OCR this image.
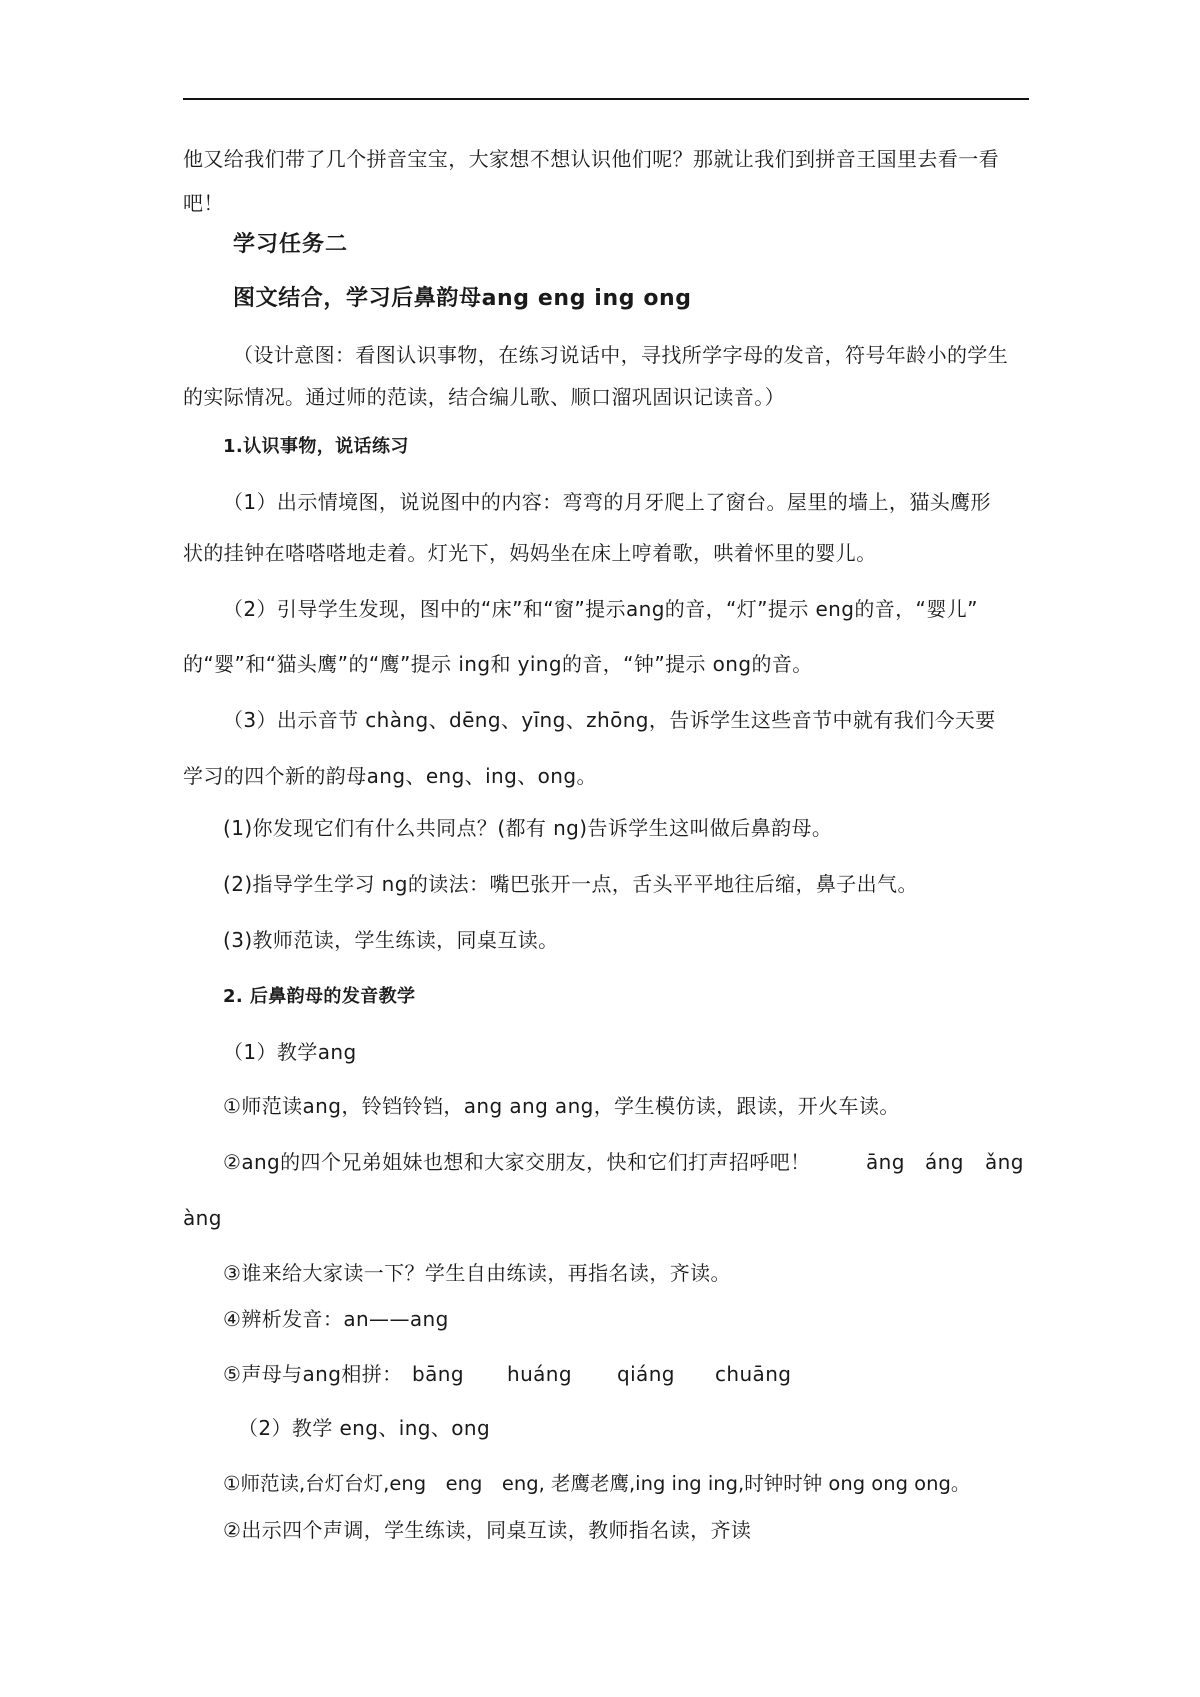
他又给我们带了几个拼音宝宝，大家想不想认识他们呢？那就让我们到拼音王国里去看一看
吧！
学习任务二
图文结合，学习后鼻韵母ang eng ing ong
（设计意图：看图认识事物，在练习说话中，寻找所学字母的发音，符号年龄小的学生
的实际情况。通过师的范读，结合编儿歌、顺口溜巩固识记读音。）
1.认识事物，说话练习
（1）出示情境图，说说图中的内容：弯弯的月牙爬上了窗台。屋里的墙上，猫头鹰形
状的挂钟在嗒嗒嗒地走着。灯光下，妈妈坐在床上哼着歌，哄着怀里的婴儿。
（2）引导学生发现，图中的“床”和“窗”提示ang的音，“灯”提示 eng的音，“婴儿”
的“婴”和“猫头鹰”的“鹰”提示 ing和 ying的音，“钟”提示 ong的音。
（3）出示音节 chàng、dēng、yīng、zhōng，告诉学生这些音节中就有我们今天要
学习的四个新的韵母ang、eng、ing、ong。
(1)你发现它们有什么共同点？(都有 ng)告诉学生这叫做后鼻韵母。
(2)指导学生学习 ng的读法：嘴巴张开一点，舌头平平地往后缩，鼻子出气。
(3)教师范读，学生练读，同桌互读。
2. 后鼻韵母的发音教学
（1）教学ang
①师范读ang，铃铛铃铛，ang ang ang，学生模仿读，跟读，开火车读。
②ang的四个兄弟姐妹也想和大家交朋友，快和它们打声招呼吧！	āng áng ǎng
àng
③谁来给大家读一下？学生自由练读，再指名读，齐读。
④辨析发音：an——ang
⑤声母与ang相拼： bāng huáng qiáng chuāng
（2）教学 eng、ing、ong
①师范读,台灯台灯,eng　eng　eng, 老鹰老鹰,ing ing ing,时钟时钟 ong ong ong。
②出示四个声调，学生练读，同桌互读，教师指名读，齐读
